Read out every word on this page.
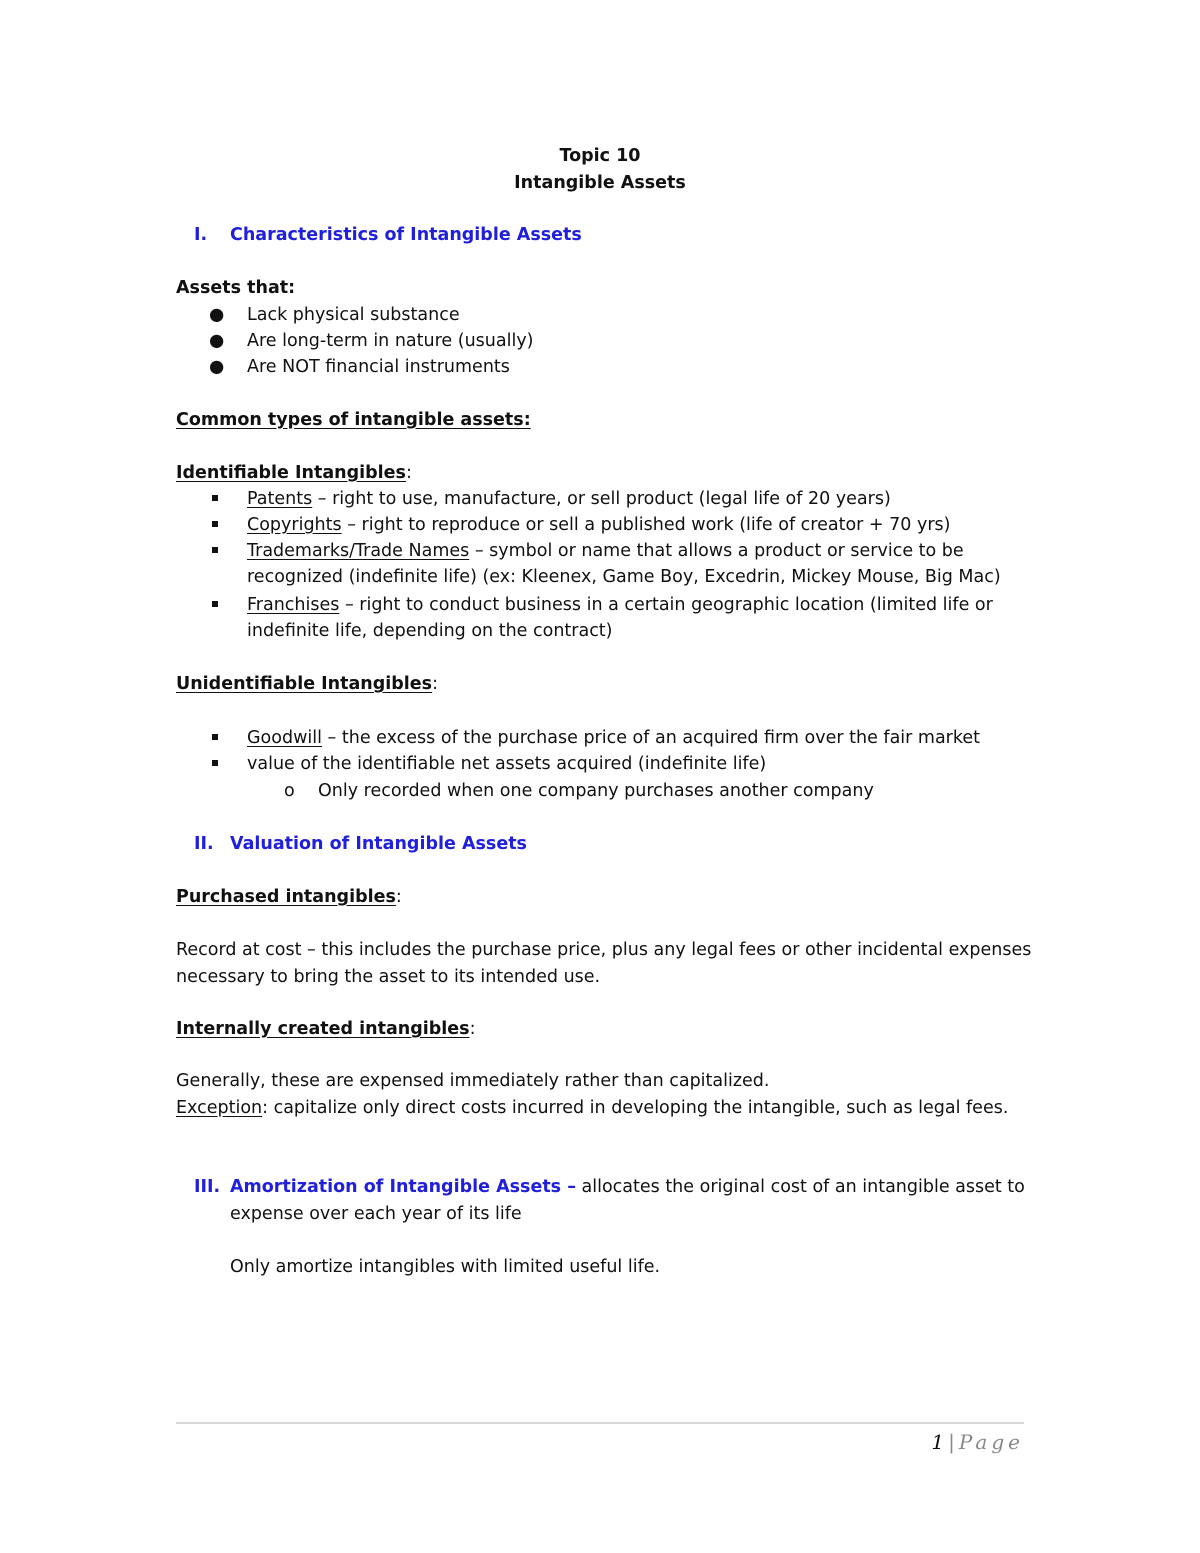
Topic 10
Intangible Assets
I. Characteristics of Intangible Assets
Assets that:
● Lack physical substance
● Are long-term in nature (usually)
● Are NOT financial instruments
Common types of intangible assets:
Identifiable Intangibles:
Patents – right to use, manufacture, or sell product (legal life of 20 years)
Copyrights – right to reproduce or sell a published work (life of creator + 70 yrs)
Trademarks/Trade Names – symbol or name that allows a product or service to be
recognized (indefinite life) (ex: Kleenex, Game Boy, Excedrin, Mickey Mouse, Big Mac)
Franchises – right to conduct business in a certain geographic location (limited life or
indefinite life, depending on the contract)
Unidentifiable Intangibles:
Goodwill – the excess of the purchase price of an acquired firm over the fair market
value of the identifiable net assets acquired (indefinite life)
o Only recorded when one company purchases another company
II. Valuation of Intangible Assets
Purchased intangibles:
Record at cost – this includes the purchase price, plus any legal fees or other incidental expenses
necessary to bring the asset to its intended use.
Internally created intangibles:
Generally, these are expensed immediately rather than capitalized.
Exception: capitalize only direct costs incurred in developing the intangible, such as legal fees.
III. Amortization of Intangible Assets – allocates the original cost of an intangible asset to
expense over each year of its life
Only amortize intangibles with limited useful life.
1 | Page
